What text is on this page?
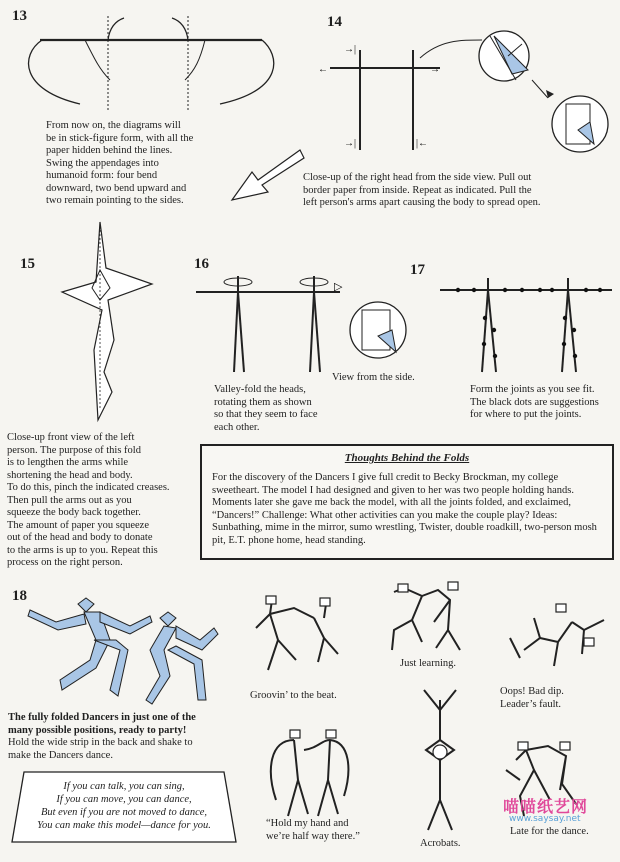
13
From now on, the diagrams will
be in stick-figure form, with all the
paper hidden behind the lines.
Swing the appendages into
humanoid form: four bend
downward, two bend upward and
two remain pointing to the sides.
14
→|
←	→
→|	|←
Close-up of the right head from the side view. Pull out
border paper from inside. Repeat as indicated. Pull the
left person's arms apart causing the body to spread open.
15
Close-up front view of the left
person. The purpose of this fold
is to lengthen the arms while
shortening the head and body.
To do this, pinch the indicated creases.
Then pull the arms out as you
squeeze the body back together.
The amount of paper you squeeze
out of the head and body to donate
to the arms is up to you. Repeat this
process on the right person.
16
▷
Valley-fold the heads,
rotating them as shown
so that they seem to face
each other.
View from the side.
17
Form the joints as you see fit.
The black dots are suggestions
for where to put the joints.
Thoughts Behind the Folds
For the discovery of the Dancers I give full credit to Becky Brockman, my college sweetheart. The model I had designed and given to her was two people holding hands. Moments later she gave me back the model, with all the joints folded, and exclaimed, “Dancers!” Challenge: What other activities can you make the couple play? Ideas: Sunbathing, mime in the mirror, sumo wrestling, Twister, double roadkill, two-person mosh pit, E.T. phone home, head standing.
18
The fully folded Dancers in just one of the
many possible positions, ready to party!
Hold the wide strip in the back and shake to
make the Dancers dance.
Groovin’ to the beat.
Just learning.
Oops! Bad dip.
Leader’s fault.
“Hold my hand and
we’re half way there.”
Acrobats.
Late for the dance.
If you can talk, you can sing,
If you can move, you can dance,
But even if you are not moved to dance,
You can make this model—dance for you.
喵喵纸艺网
www.saysay.net
